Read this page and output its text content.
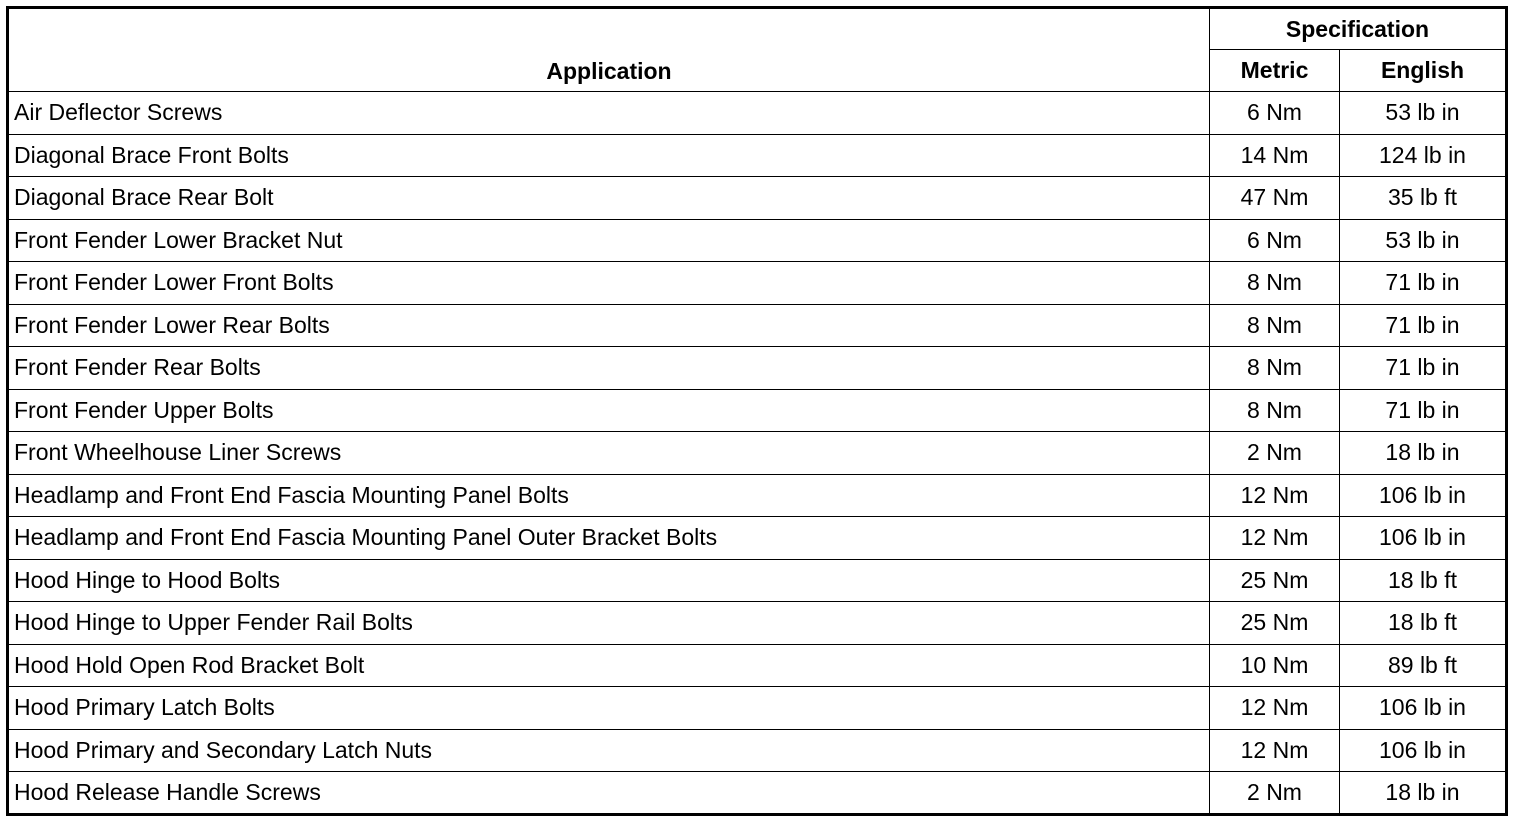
Application	Specification	
	Metric	English
Air Deflector Screws	6 Nm	53 lb in
Diagonal Brace Front Bolts	14 Nm	124 lb in
Diagonal Brace Rear Bolt	47 Nm	35 lb ft
Front Fender Lower Bracket Nut	6 Nm	53 lb in
Front Fender Lower Front Bolts	8 Nm	71 lb in
Front Fender Lower Rear Bolts	8 Nm	71 lb in
Front Fender Rear Bolts	8 Nm	71 lb in
Front Fender Upper Bolts	8 Nm	71 lb in
Front Wheelhouse Liner Screws	2 Nm	18 lb in
Headlamp and Front End Fascia Mounting Panel Bolts	12 Nm	106 lb in
Headlamp and Front End Fascia Mounting Panel Outer Bracket Bolts	12 Nm	106 lb in
Hood Hinge to Hood Bolts	25 Nm	18 lb ft
Hood Hinge to Upper Fender Rail Bolts	25 Nm	18 lb ft
Hood Hold Open Rod Bracket Bolt	10 Nm	89 lb ft
Hood Primary Latch Bolts	12 Nm	106 lb in
Hood Primary and Secondary Latch Nuts	12 Nm	106 lb in
Hood Release Handle Screws	2 Nm	18 lb in
